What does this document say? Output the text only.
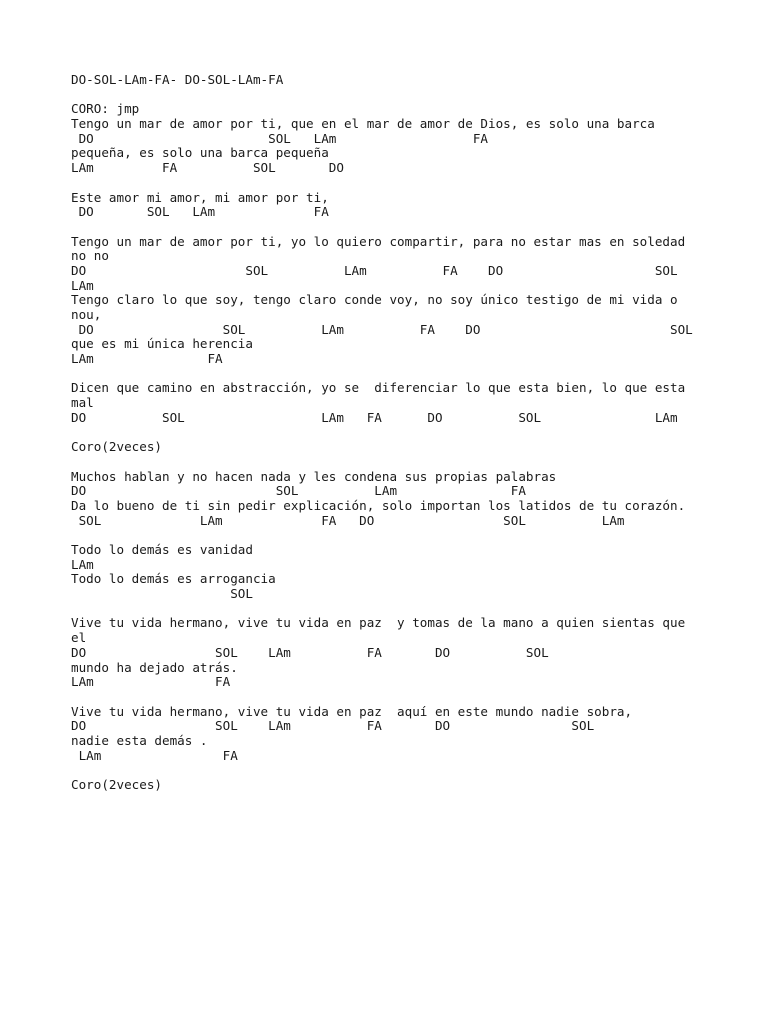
DO-SOL-LAm-FA- DO-SOL-LAm-FA
CORO: jmp
Tengo un mar de amor por ti, que en el mar de amor de Dios, es solo una barca
DO                       SOL   LAm                  FA
pequeña, es solo una barca pequeña
LAm         FA          SOL       DO
Este amor mi amor, mi amor por ti,
DO       SOL   LAm             FA
Tengo un mar de amor por ti, yo lo quiero compartir, para no estar mas en soledad
no no
DO                     SOL          LAm          FA    DO                    SOL
LAm
Tengo claro lo que soy, tengo claro conde voy, no soy único testigo de mi vida o
nou,
DO                 SOL          LAm          FA    DO                         SOL
que es mi única herencia
LAm               FA
Dicen que camino en abstracción, yo se  diferenciar lo que esta bien, lo que esta
mal
DO          SOL                  LAm   FA      DO          SOL               LAm
Coro(2veces)
Muchos hablan y no hacen nada y les condena sus propias palabras
DO                         SOL          LAm               FA
Da lo bueno de ti sin pedir explicación, solo importan los latidos de tu corazón.
SOL             LAm             FA   DO                 SOL          LAm
Todo lo demás es vanidad
LAm
Todo lo demás es arrogancia
SOL
Vive tu vida hermano, vive tu vida en paz  y tomas de la mano a quien sientas que
el
DO                 SOL    LAm          FA       DO          SOL
mundo ha dejado atrás.
LAm                FA
Vive tu vida hermano, vive tu vida en paz  aquí en este mundo nadie sobra,
DO                 SOL    LAm          FA       DO                SOL
nadie esta demás .
LAm                FA
Coro(2veces)
